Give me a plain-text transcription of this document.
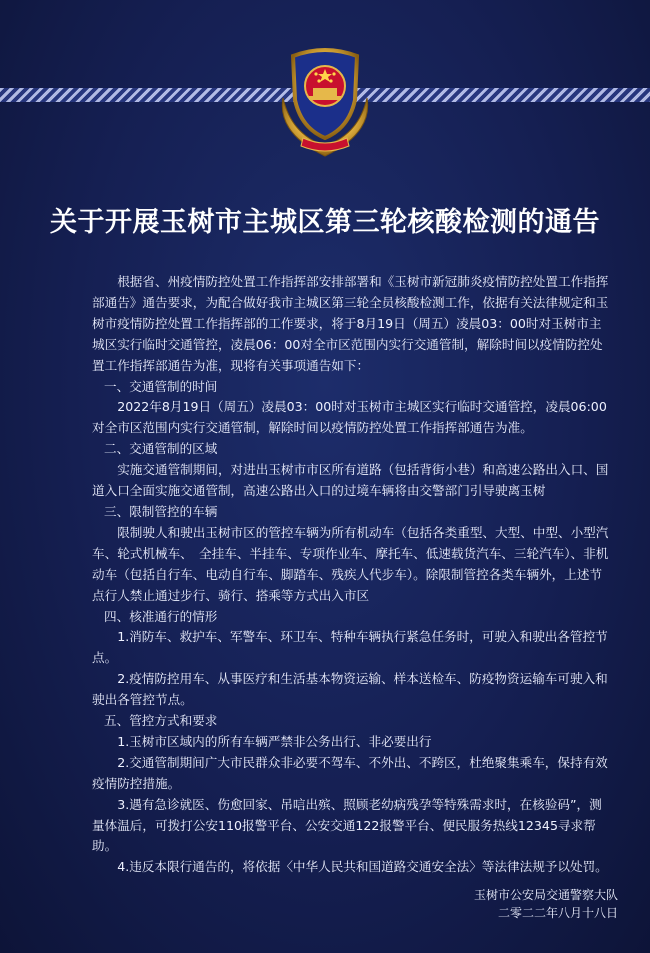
关于开展玉树市主城区第三轮核酸检测的通告

根据省、州疫情防控处置工作指挥部安排部署和《玉树市新冠肺炎疫情防控处置工作指挥部通告》通告要求，为配合做好我市主城区第三轮全员核酸检测工作，依据有关法律规定和玉树市疫情防控处置工作指挥部的工作要求，将于8月19日（周五）凌晨03：00时对玉树市主城区实行临时交通管控，凌晨06：00对全市区范围内实行交通管制，解除时间以疫情防控处置工作指挥部通告为准，现将有关事项通告如下：

一、交通管制的时间

2022年8月19日（周五）凌晨03：00时对玉树市主城区实行临时交通管控，凌晨06:00对全市区范围内实行交通管制，解除时间以疫情防控处置工作指挥部通告为准。

二、交通管制的区域

实施交通管制期间，对进出玉树市市区所有道路（包括背街小巷）和高速公路出入口、国道入口全面实施交通管制，高速公路出入口的过境车辆将由交警部门引导驶离玉树

三、限制管控的车辆

限制驶人和驶出玉树市区的管控车辆为所有机动车（包括各类重型、大型、中型、小型汽车、轮式机械车、　全挂车、半挂车、专项作业车、摩托车、低速载货汽车、三轮汽车）、非机动车（包括自行车、电动自行车、脚踏车、残疾人代步车）。除限制管控各类车辆外，上述节点行人禁止通过步行、骑行、搭乘等方式出入市区

四、核准通行的情形

1.消防车、救护车、军警车、环卫车、特种车辆执行紧急任务时，可驶入和驶出各管控节点。

2.疫情防控用车、从事医疗和生活基本物资运输、样本送检车、防疫物资运输车可驶入和驶出各管控节点。

五、管控方式和要求

1.玉树市区域内的所有车辆严禁非公务出行、非必要出行

2.交通管制期间广大市民群众非必要不驾车、不外出、不跨区，杜绝聚集乘车，保持有效疫情防控措施。

3.遇有急诊就医、伤愈回家、吊唁出殡、照顾老幼病残孕等特殊需求时，在核验码”，测量体温后，可拨打公安110报警平台、公安交通122报警平台、便民服务热线12345寻求帮助。

4.违反本限行通告的，将依据〈中华人民共和国道路交通安全法〉等法律法规予以处罚。

玉树市公安局交通警察大队
二零二二年八月十八日
